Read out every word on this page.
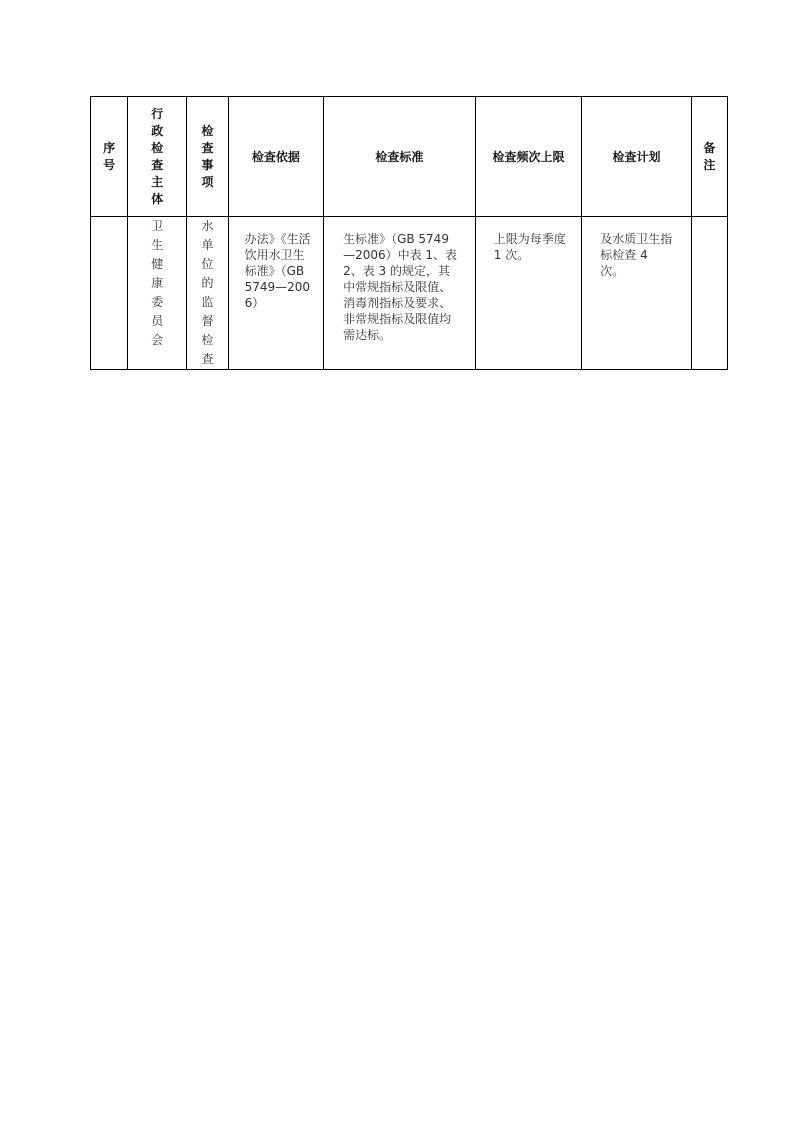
序号	行政检查主体	检查事项	检查依据	检查标准	检查频次上限	检查计划	备注
	卫生健康委员会	水单位的监督检查	办法》《生活饮用水卫生标准》（GB 5749—2006）	生标准》（GB 5749—2006）中表 1、表 2、表 3 的规定，其中常规指标及限值、消毒剂指标及要求、非常规指标及限值均需达标。	上限为每季度 1 次。	及水质卫生指标检查 4 次。	
